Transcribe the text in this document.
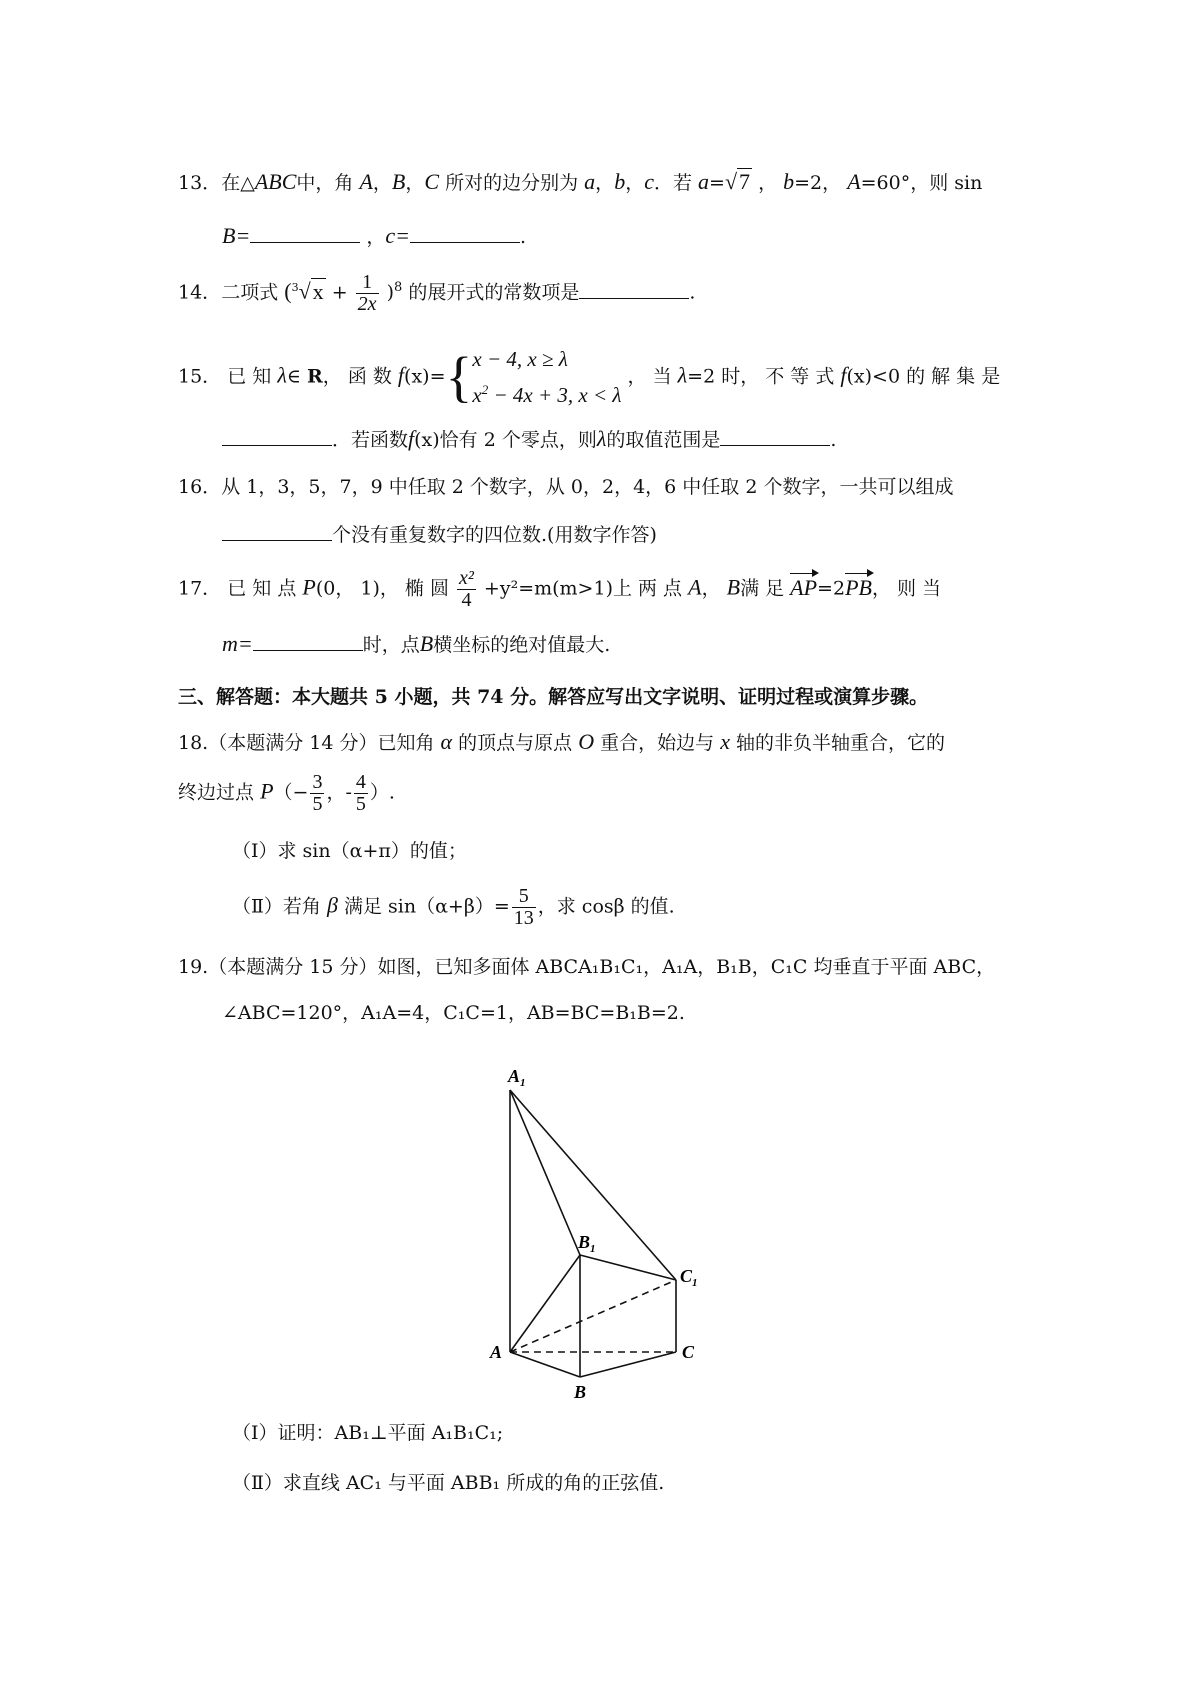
13．在△ABC中，角 A，B，C 所对的边分别为 a，b，c．若 a=√7 ， b=2， A=60°，则 sin
B=	，c=	.
14．二项式 $(^3√x + \frac{1}{2x} )^8$ 的展开式的常数项是	.
15． 已 知 λ∈ R， 函 数 f(x)={ x − 4, x ≥ λ
$x^2 - 4x + 3$, x < λ
， 当 λ=2 时， 不 等 式 f(x)<0 的 解 集 是
．若函数f(x)恰有 2 个零点，则λ的取值范围是	.
16．从 1，3，5，7，9 中任取 2 个数字，从 0，2，4，6 中任取 2 个数字，一共可以组成
个没有重复数字的四位数.(用数字作答)
17． 已 知 点 P(0， 1)， 椭 圆 $\frac{\text{x²}}{4} +y^2=m(m>1)$上 两 点 A， B满 足 AP=2PB， 则 当
m=	时，点B横坐标的绝对值最大.
三、解答题：本大题共 5 小题，共 74 分。解答应写出文字说明、证明过程或演算步骤。
18.（本题满分 14 分）已知角 α 的顶点与原点 O 重合，始边与 x 轴的非负半轴重合，它的
终边过点 $P(- \frac{3}{5}$ ，- $\frac{4}{5}$ ）.
（Ⅰ）求 sin（α+π）的值；
（Ⅱ）若角 β 满足 $\sin(\alpha+\beta)= \frac{5}{13}$ ，求 cosβ 的值.
19.（本题满分 15 分）如图，已知多面体 ABCA₁B₁C₁，A₁A，B₁B，C₁C 均垂直于平面 ABC，
∠ABC=120°，A₁A=4，C₁C=1，AB=BC=B₁B=2.
$A_1$
$B_1$
$C_1$
A	C
B
（Ⅰ）证明：AB₁⊥平面 A₁B₁C₁;
（Ⅱ）求直线 AC₁ 与平面 ABB₁ 所成的角的正弦值.
